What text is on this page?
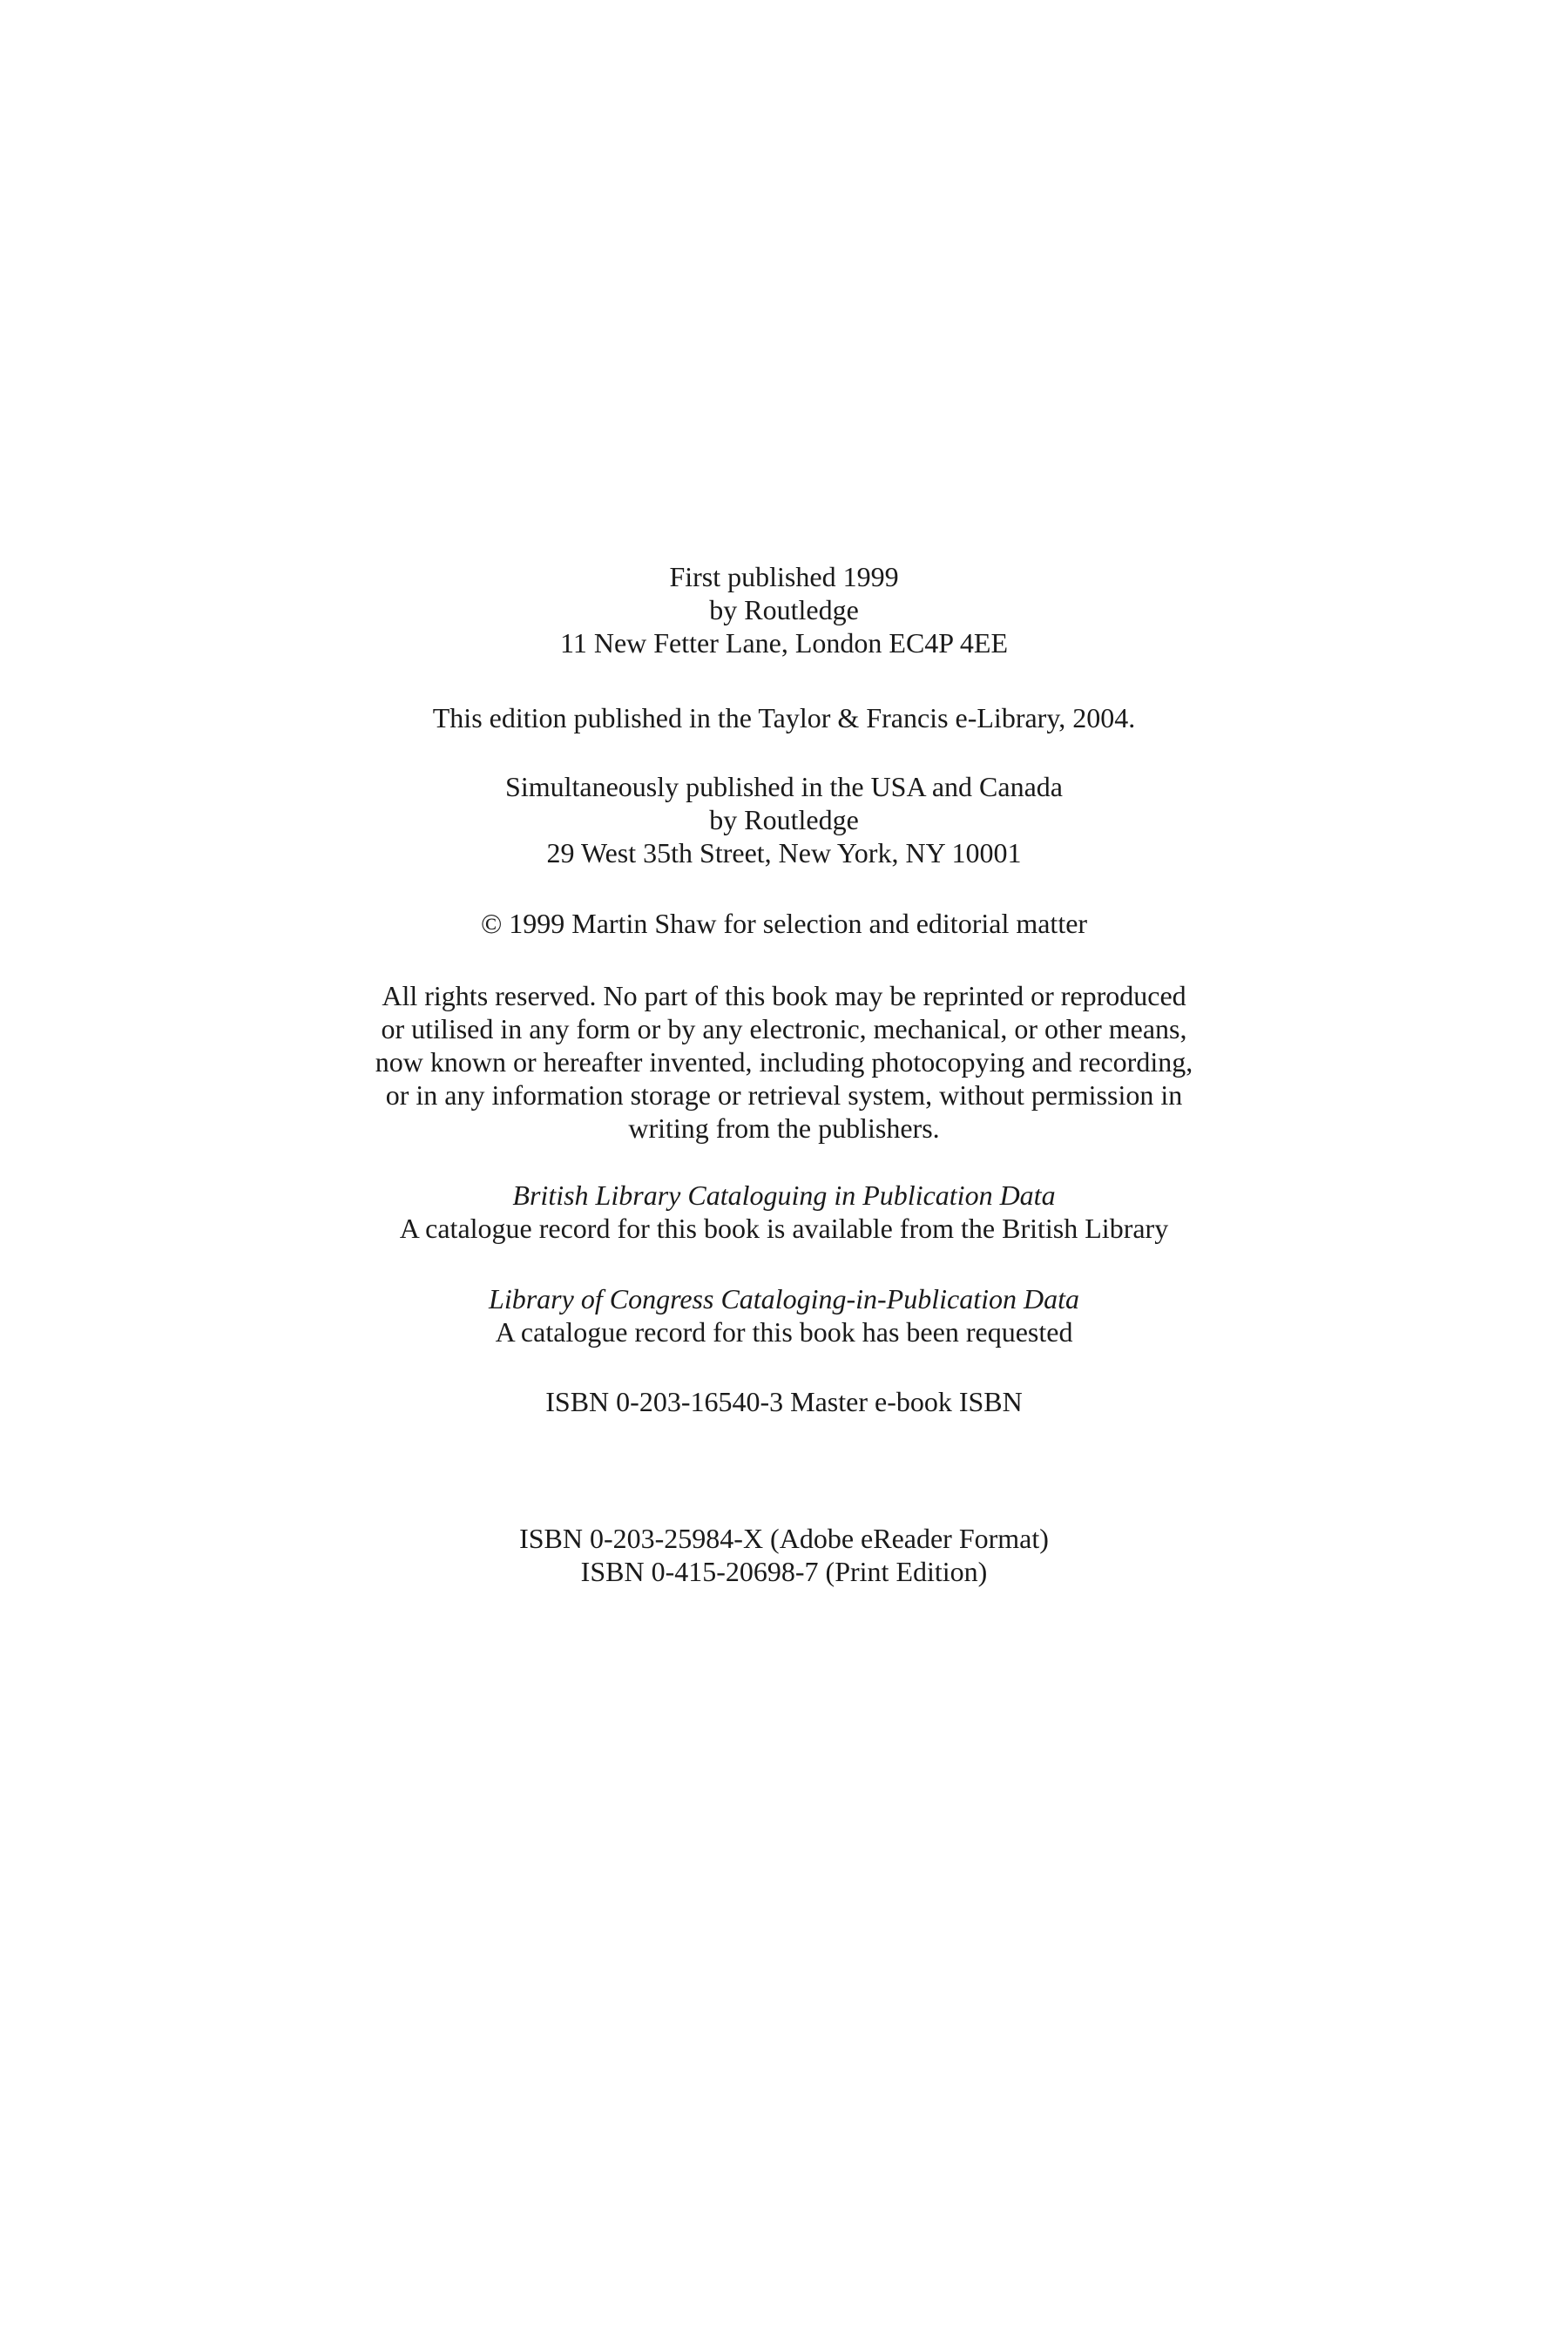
First published 1999
by Routledge
11 New Fetter Lane, London EC4P 4EE
This edition published in the Taylor & Francis e-Library, 2004.
Simultaneously published in the USA and Canada
by Routledge
29 West 35th Street, New York, NY 10001
© 1999 Martin Shaw for selection and editorial matter
All rights reserved. No part of this book may be reprinted or reproduced
or utilised in any form or by any electronic, mechanical, or other means,
now known or hereafter invented, including photocopying and recording,
or in any information storage or retrieval system, without permission in
writing from the publishers.
British Library Cataloguing in Publication Data
A catalogue record for this book is available from the British Library
Library of Congress Cataloging-in-Publication Data
A catalogue record for this book has been requested
ISBN 0-203-16540-3 Master e-book ISBN
ISBN 0-203-25984-X (Adobe eReader Format)
ISBN 0-415-20698-7 (Print Edition)
